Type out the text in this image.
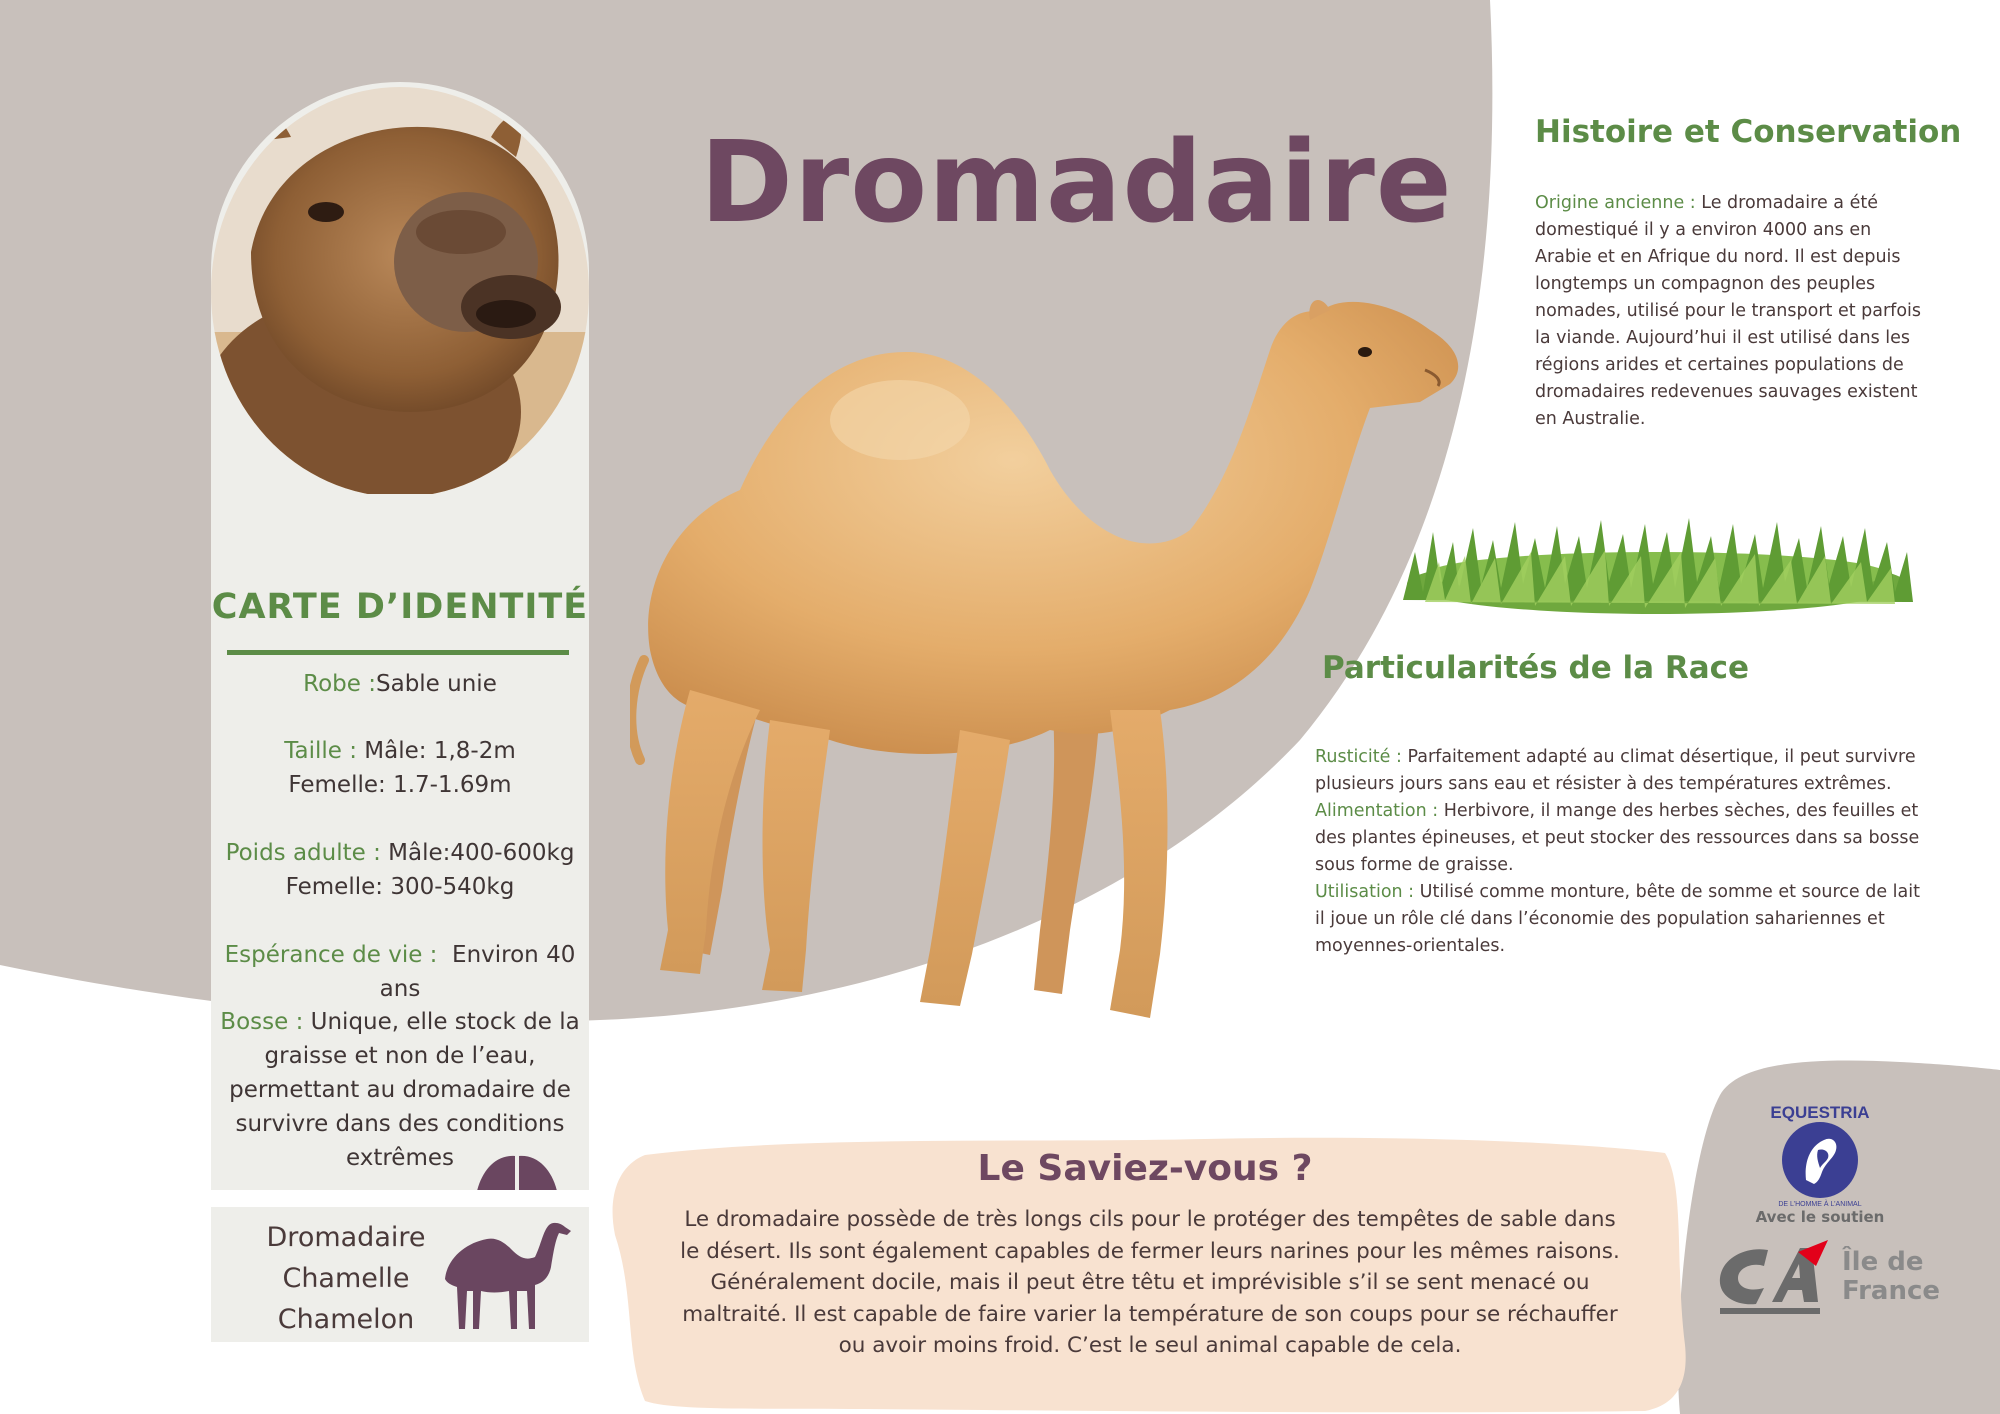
Dromadaire
CARTE D’IDENTITÉ
Robe :Sable unie
Taille : Mâle: 1,8-2m
Femelle: 1.7-1.69m
Poids adulte : Mâle:400-600kg
Femelle: 300-540kg
Espérance de vie : Environ 40 ans
Bosse : Unique, elle stock de la
graisse et non de l’eau, permettant au dromadaire de survivre dans des conditions extrêmes
Dromadaire
Chamelle
Chamelon
Histoire et Conservation
Origine ancienne : Le dromadaire a été domestiqué il y a environ 4000 ans en Arabie et en Afrique du nord. Il est depuis longtemps un compagnon des peuples nomades, utilisé pour le transport et parfois la viande. Aujourd’hui il est utilisé dans les régions arides et certaines populations de dromadaires redevenues sauvages existent en Australie.
Particularités de la Race

Rusticité : Parfaitement adapté au climat désertique, il peut survivre plusieurs jours sans eau et résister à des températures extrêmes.

Alimentation : Herbivore, il mange des herbes sèches, des feuilles et des plantes épineuses, et peut stocker des ressources dans sa bosse sous forme de graisse.

Utilisation : Utilisé comme monture, bête de somme et source de lait il joue un rôle clé dans l’économie des population sahariennes et moyennes-orientales.

Le Saviez-vous ?
Le dromadaire possède de très longs cils pour le protéger des tempêtes de sable dans le désert. Ils sont également capables de fermer leurs narines pour les mêmes raisons. Généralement docile, mais il peut être têtu et imprévisible s’il se sent menacé ou maltraité. Il est capable de faire varier la température de son coups pour se réchauffer ou avoir moins froid. C’est le seul animal capable de cela.
EQUESTRIA
DE L’HOMME À L’ANIMAL
Avec le soutien
CA
Île de
France
